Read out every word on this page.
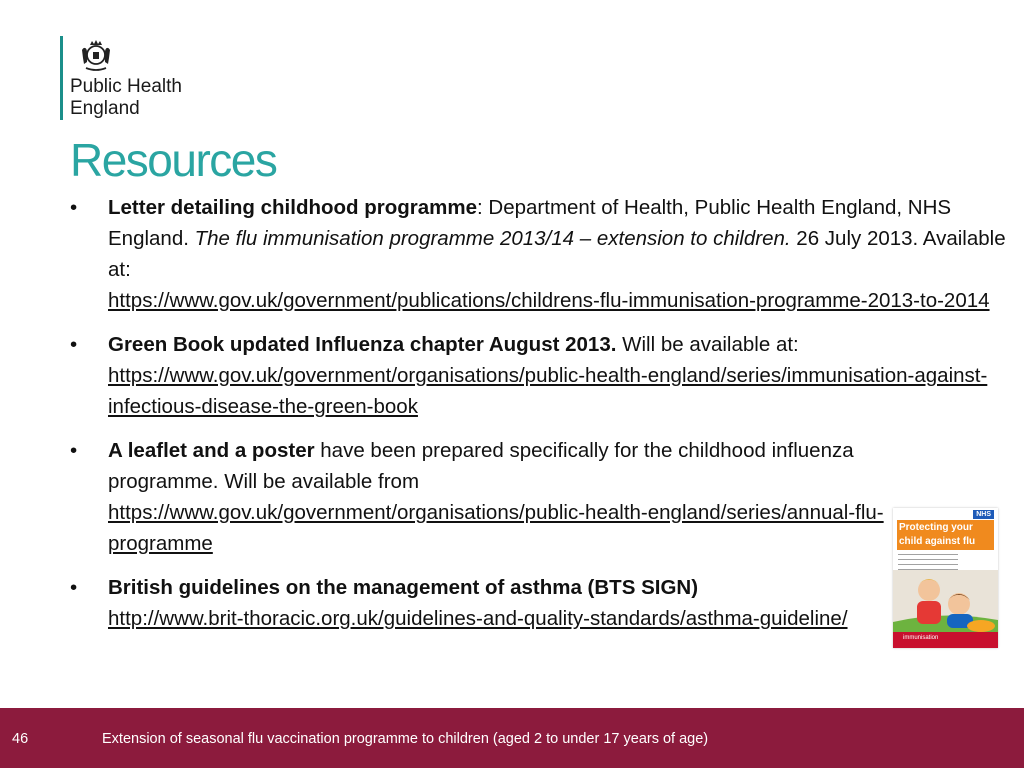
Public Health
England
Resources
•	Letter detailing childhood programme: Department of Health, Public Health England, NHS England. The flu immunisation programme 2013/14 – extension to children. 26 July 2013. Available at:
https://www.gov.uk/government/publications/childrens-flu-immunisation-programme-2013-to-2014
•	Green Book updated Influenza chapter August 2013. Will be available at:
https://www.gov.uk/government/organisations/public-health-england/series/immunisation-against-infectious-disease-the-green-book
•	A leaflet and a poster have been prepared specifically for the childhood influenza programme. Will be available from
https://www.gov.uk/government/organisations/public-health-england/series/annual-flu-programme
•	British guidelines on the management of asthma (BTS SIGN)
http://www.brit-thoracic.org.uk/guidelines-and-quality-standards/asthma-guideline/
NHS
Protecting your child against flu
immunisation
46	Extension of seasonal flu vaccination programme to children (aged 2 to under 17 years of age)
